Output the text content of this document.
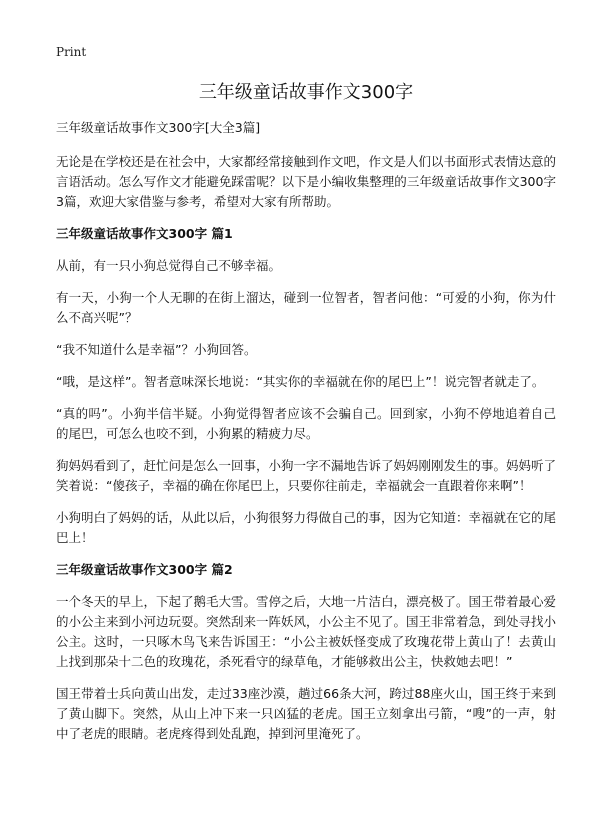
Print
三年级童话故事作文300字
三年级童话故事作文300字[大全3篇]

无论是在学校还是在社会中，大家都经常接触到作文吧，作文是人们以书面形式表情达意的言语活动。怎么写作文才能避免踩雷呢？以下是小编收集整理的三年级童话故事作文300字3篇，欢迎大家借鉴与参考，希望对大家有所帮助。

三年级童话故事作文300字 篇1

从前，有一只小狗总觉得自己不够幸福。

有一天，小狗一个人无聊的在街上溜达，碰到一位智者，智者问他：“可爱的小狗，你为什么不高兴呢”？

“我不知道什么是幸福”？小狗回答。

“哦，是这样”。智者意味深长地说：“其实你的幸福就在你的尾巴上”！说完智者就走了。

“真的吗”。小狗半信半疑。小狗觉得智者应该不会骗自己。回到家，小狗不停地追着自己的尾巴，可怎么也咬不到，小狗累的精疲力尽。

狗妈妈看到了，赶忙问是怎么一回事，小狗一字不漏地告诉了妈妈刚刚发生的事。妈妈听了笑着说：“傻孩子，幸福的确在你尾巴上，只要你往前走，幸福就会一直跟着你来啊”！

小狗明白了妈妈的话，从此以后，小狗很努力得做自己的事，因为它知道：幸福就在它的尾巴上！

三年级童话故事作文300字 篇2

一个冬天的早上，下起了鹅毛大雪。雪停之后，大地一片洁白，漂亮极了。国王带着最心爱的小公主来到小河边玩耍。突然刮来一阵妖风，小公主不见了。国王非常着急，到处寻找小公主。这时，一只啄木鸟飞来告诉国王：“小公主被妖怪变成了玫瑰花带上黄山了！去黄山上找到那朵十二色的玫瑰花，杀死看守的绿草龟，才能够救出公主，快救她去吧！”

国王带着士兵向黄山出发，走过33座沙漠，趟过66条大河，跨过88座火山，国王终于来到了黄山脚下。突然，从山上冲下来一只凶猛的老虎。国王立刻拿出弓箭，“嗖”的一声，射中了老虎的眼睛。老虎疼得到处乱跑，掉到河里淹死了。
